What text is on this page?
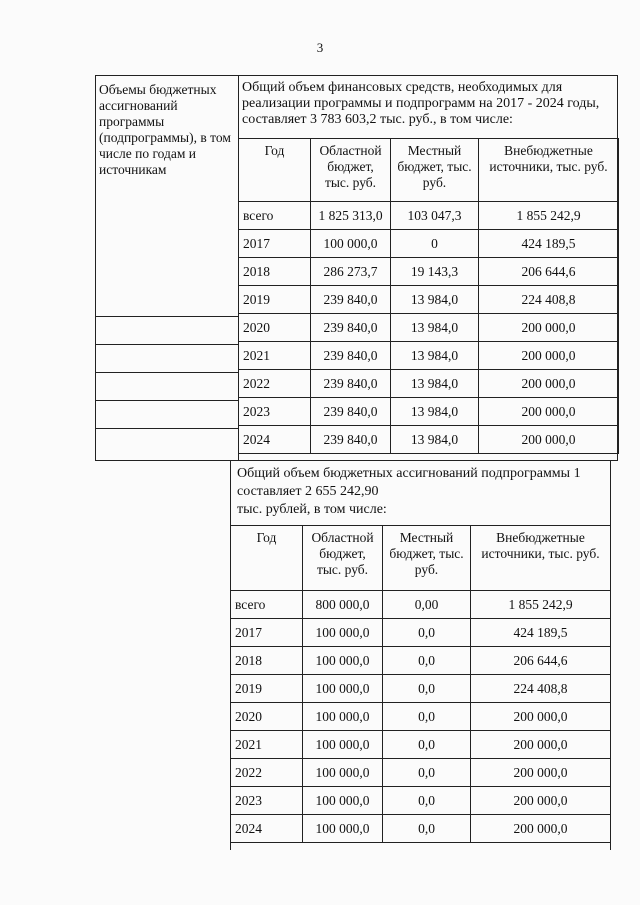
3
Объемы бюджетных ассигнований программы (подпрограммы), в том числе по годам и источникам
Общий объем финансовых средств, необходимых для реализации программы и подпрограмм на 2017 - 2024 годы, составляет 3 783 603,2 тыс. руб., в том числе:
Год	Областной бюджет, тыс. руб.	Местный бюджет, тыс. руб.	Внебюджетные источники, тыс. руб.
всего	1 825 313,0	103 047,3	1 855 242,9
2017	100 000,0	0	424 189,5
2018	286 273,7	19 143,3	206 644,6
2019	239 840,0	13 984,0	224 408,8
2020	239 840,0	13 984,0	200 000,0
2021	239 840,0	13 984,0	200 000,0
2022	239 840,0	13 984,0	200 000,0
2023	239 840,0	13 984,0	200 000,0
2024	239 840,0	13 984,0	200 000,0
Общий объем бюджетных ассигнований подпрограммы 1
составляет 2 655 242,90
тыс. рублей, в том числе:
Год	Областной бюджет, тыс. руб.	Местный бюджет, тыс. руб.	Внебюджетные источники, тыс. руб.
всего	800 000,0	0,00	1 855 242,9
2017	100 000,0	0,0	424 189,5
2018	100 000,0	0,0	206 644,6
2019	100 000,0	0,0	224 408,8
2020	100 000,0	0,0	200 000,0
2021	100 000,0	0,0	200 000,0
2022	100 000,0	0,0	200 000,0
2023	100 000,0	0,0	200 000,0
2024	100 000,0	0,0	200 000,0
